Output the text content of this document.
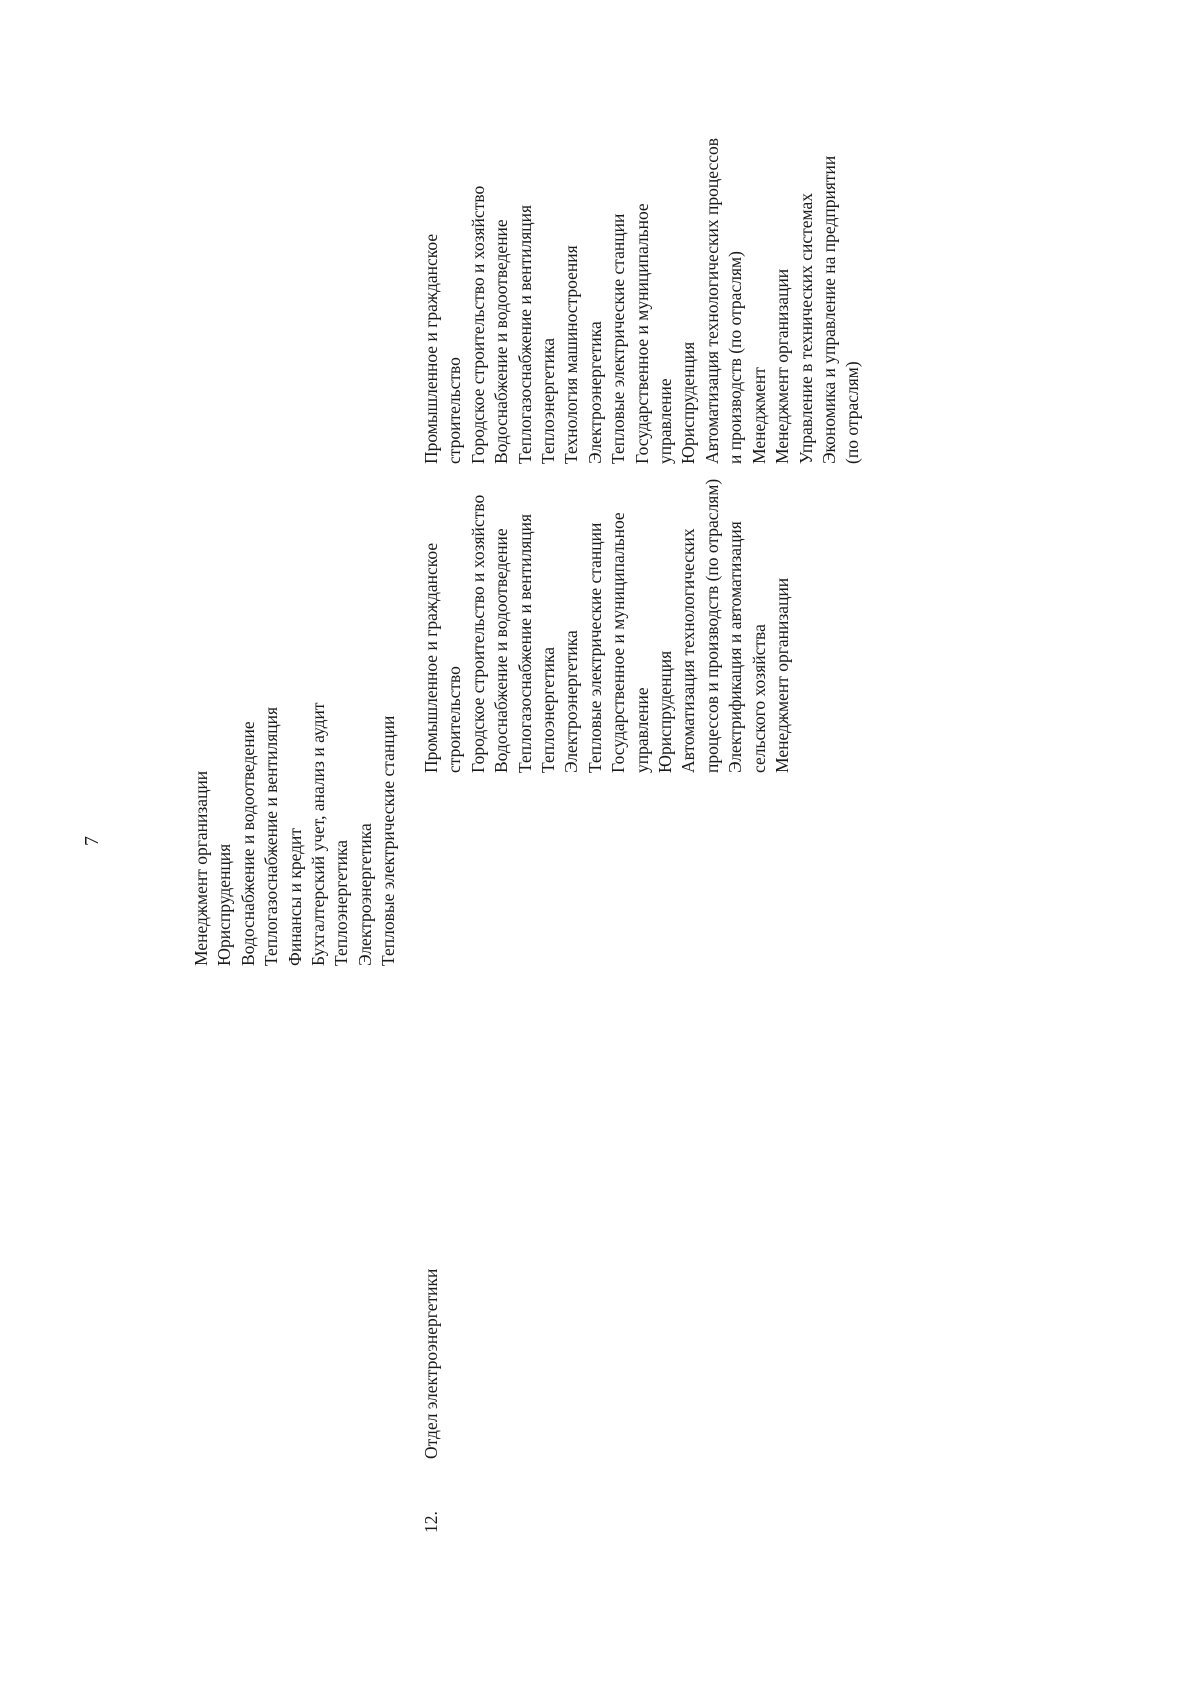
7	Менеджмент организации Юриспруденция Водоснабжение и водоотведение Теплогазоснабжение и вентиляция Финансы и кредит Бухгалтерский учет, анализ и аудит Теплоэнергетика Электроэнергетика Тепловые электрические станции
12.
Отдел электроэнергетики
Промышленное и гражданское строительство Городское строительство и хозяйство Водоснабжение и водоотведение Теплогазоснабжение и вентиляция Теплоэнергетика Электроэнергетика Тепловые электрические станции Государственное и муниципальное управление Юриспруденция Автоматизация технологических процессов и производств (по отраслям) Электрификация и автоматизация сельского хозяйства Менеджмент организации
Промышленное и гражданское строительство Городское строительство и хозяйство Водоснабжение и водоотведение Теплогазоснабжение и вентиляция Теплоэнергетика Технология машиностроения Электроэнергетика Тепловые электрические станции Государственное и муниципальное управление Юриспруденция Автоматизация технологических процессов и производств (по отраслям) Менеджмент Менеджмент организации Управление в технических системах Экономика и управление на предприятии (по отраслям)
